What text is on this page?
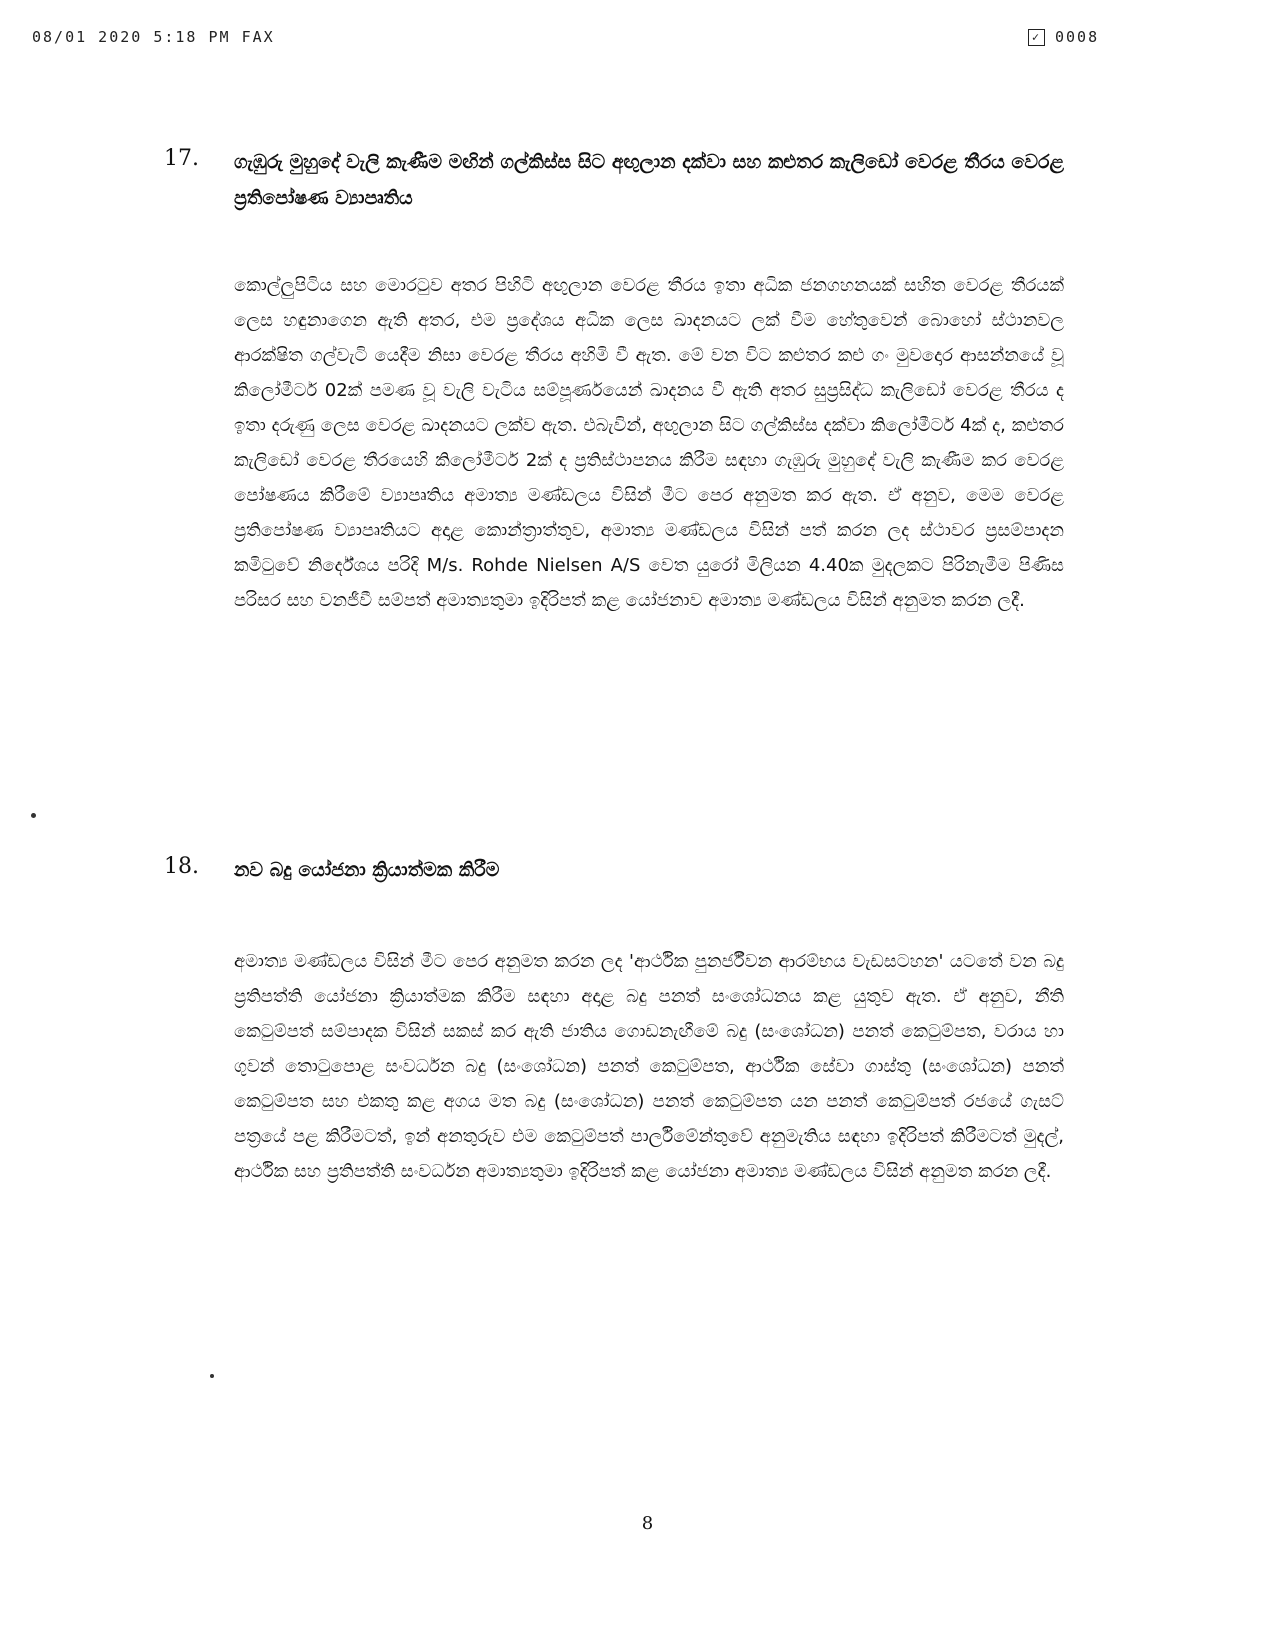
08/01 2020 5:18 PM FAX	✓ 0008
17.	ගැඹුරු මුහුදේ වැලි කැණීම මඟින් ගල්කිස්ස සිට අඟුලාන දක්වා සහ කළුතර කැලිඩෝ වෙරළ තීරය වෙරළ ප්‍රතිපෝෂණ ව්‍යාපෘතිය
කොල්ලුපිටිය සහ මොරටුව අතර පිහිටි අඟුලාන වෙරළ තීරය ඉතා අධික ජනගහනයක් සහිත වෙරළ තීරයක් ලෙස හඳුනාගෙන ඇති අතර, එම ප්‍රදේශය අධික ලෙස ඛාදනයට ලක් වීම හේතුවෙන් බොහෝ ස්ථානවල ආරක්ෂිත ගල්වැටි යෙදීම නිසා වෙරළ තීරය අහිමි වී ඇත. මේ වන විට කළුතර කළු ගං මුවදොර ආසන්නයේ වූ කිලෝමීටර් 02ක් පමණ වූ වැලි වැටිය සම්පූර්ණයෙන් ඛාදනය වී ඇති අතර සුප්‍රසිද්ධ කැලිඩෝ වෙරළ තීරය ද ඉතා දරුණු ලෙස වෙරළ ඛාදනයට ලක්ව ඇත. එබැවින්, අඟුලාන සිට ගල්කිස්ස දක්වා කිලෝමීටර් 4ක් ද, කළුතර කැලිඩෝ වෙරළ තීරයෙහි කිලෝමීටර් 2ක් ද ප්‍රතිස්ථාපනය කිරීම සඳහා ගැඹුරු මුහුදේ වැලි කැණීම කර වෙරළ පෝෂණය කිරීමේ ව්‍යාපෘතිය අමාත්‍ය මණ්ඩලය විසින් මීට පෙර අනුමත කර ඇත. ඒ අනුව, මෙම වෙරළ ප්‍රතිපෝෂණ ව්‍යාපෘතියට අදාළ කොන්ත්‍රාත්තුව, අමාත්‍ය මණ්ඩලය විසින් පත් කරන ලද ස්ථාවර ප්‍රසම්පාදන කමිටුවේ නිර්දේශය පරිදි M/s. Rohde Nielsen A/S වෙත යුරෝ මිලියන 4.40ක මුදලකට පිරිනැමීම පිණිස පරිසර සහ වනජීවී සම්පත් අමාත්‍යතුමා ඉදිරිපත් කළ යෝජනාව අමාත්‍ය මණ්ඩලය විසින් අනුමත කරන ලදී.
18.	නව බදු යෝජනා ක්‍රියාත්මක කිරීම
අමාත්‍ය මණ්ඩලය විසින් මීට පෙර අනුමත කරන ලද 'ආර්ථික පුනර්ජීවන ආරම්භය වැඩසටහන' යටතේ වන බදු ප්‍රතිපත්ති යෝජනා ක්‍රියාත්මක කිරීම සඳහා අදාළ බදු පනත් සංශෝධනය කළ යුතුව ඇත. ඒ අනුව, නීති කෙටුම්පත් සම්පාදක විසින් සකස් කර ඇති ජාතිය ගොඩනැඟීමේ බදු (සංශෝධන) පනත් කෙටුම්පත, වරාය හා ගුවන් තොටුපොළ සංවර්ධන බදු (සංශෝධන) පනත් කෙටුම්පත, ආර්ථික සේවා ගාස්තු (සංශෝධන) පනත් කෙටුම්පත සහ එකතු කළ අගය මත බදු (සංශෝධන) පනත් කෙටුම්පත යන පනත් කෙටුම්පත් රජයේ ගැසට් පත්‍රයේ පළ කිරීමටත්, ඉන් අනතුරුව එම කෙටුම්පත් පාර්ලිමේන්තුවේ අනුමැතිය සඳහා ඉදිරිපත් කිරීමටත් මුදල්, ආර්ථික සහ ප්‍රතිපත්ති සංවර්ධන අමාත්‍යතුමා ඉදිරිපත් කළ යෝජනා අමාත්‍ය මණ්ඩලය විසින් අනුමත කරන ලදී.
8
